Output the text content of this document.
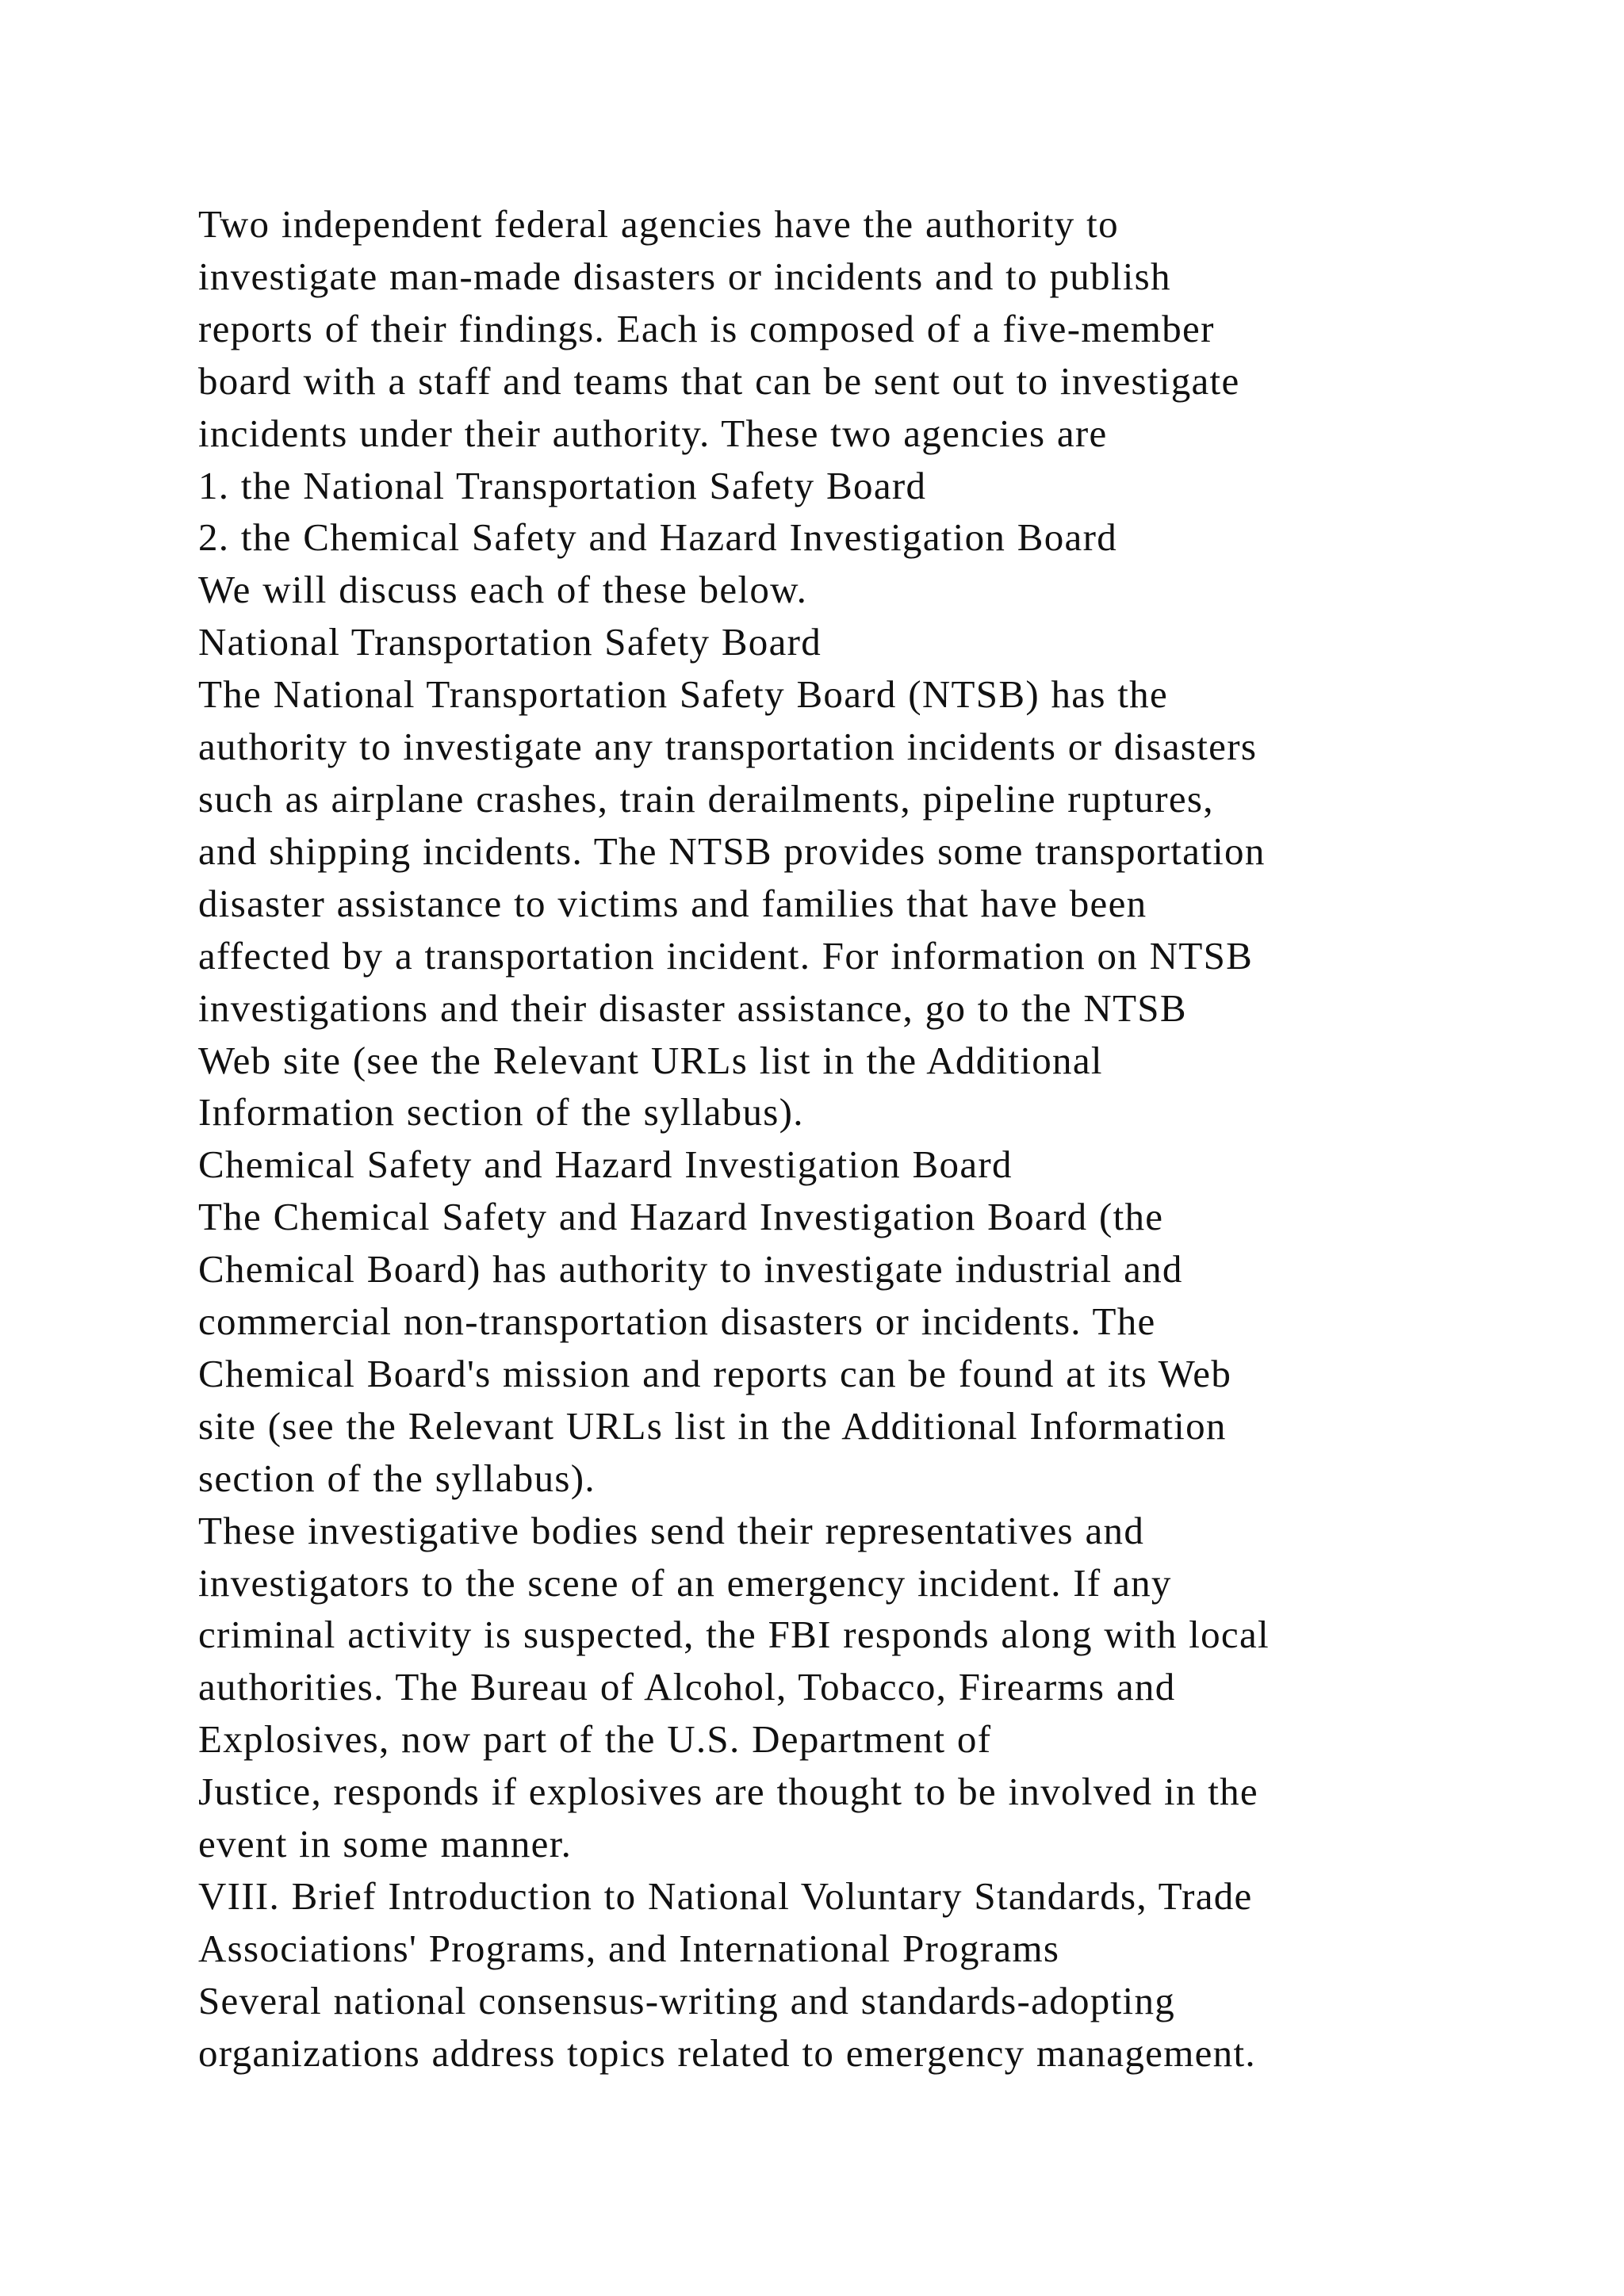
Two independent federal agencies have the authority to
investigate man-made disasters or incidents and to publish
reports of their findings. Each is composed of a five-member
board with a staff and teams that can be sent out to investigate
incidents under their authority. These two agencies are
1. the National Transportation Safety Board
2. the Chemical Safety and Hazard Investigation Board
We will discuss each of these below.
National Transportation Safety Board
The National Transportation Safety Board (NTSB) has the
authority to investigate any transportation incidents or disasters
such as airplane crashes, train derailments, pipeline ruptures,
and shipping incidents. The NTSB provides some transportation
disaster assistance to victims and families that have been
affected by a transportation incident. For information on NTSB
investigations and their disaster assistance, go to the NTSB
Web site (see the Relevant URLs list in the Additional
Information section of the syllabus).
Chemical Safety and Hazard Investigation Board
The Chemical Safety and Hazard Investigation Board (the
Chemical Board) has authority to investigate industrial and
commercial non-transportation disasters or incidents. The
Chemical Board's mission and reports can be found at its Web
site (see the Relevant URLs list in the Additional Information
section of the syllabus).
These investigative bodies send their representatives and
investigators to the scene of an emergency incident. If any
criminal activity is suspected, the FBI responds along with local
authorities. The Bureau of Alcohol, Tobacco, Firearms and
Explosives, now part of the U.S. Department of
Justice, responds if explosives are thought to be involved in the
event in some manner.
VIII. Brief Introduction to National Voluntary Standards, Trade
Associations' Programs, and International Programs
Several national consensus-writing and standards-adopting
organizations address topics related to emergency management.
